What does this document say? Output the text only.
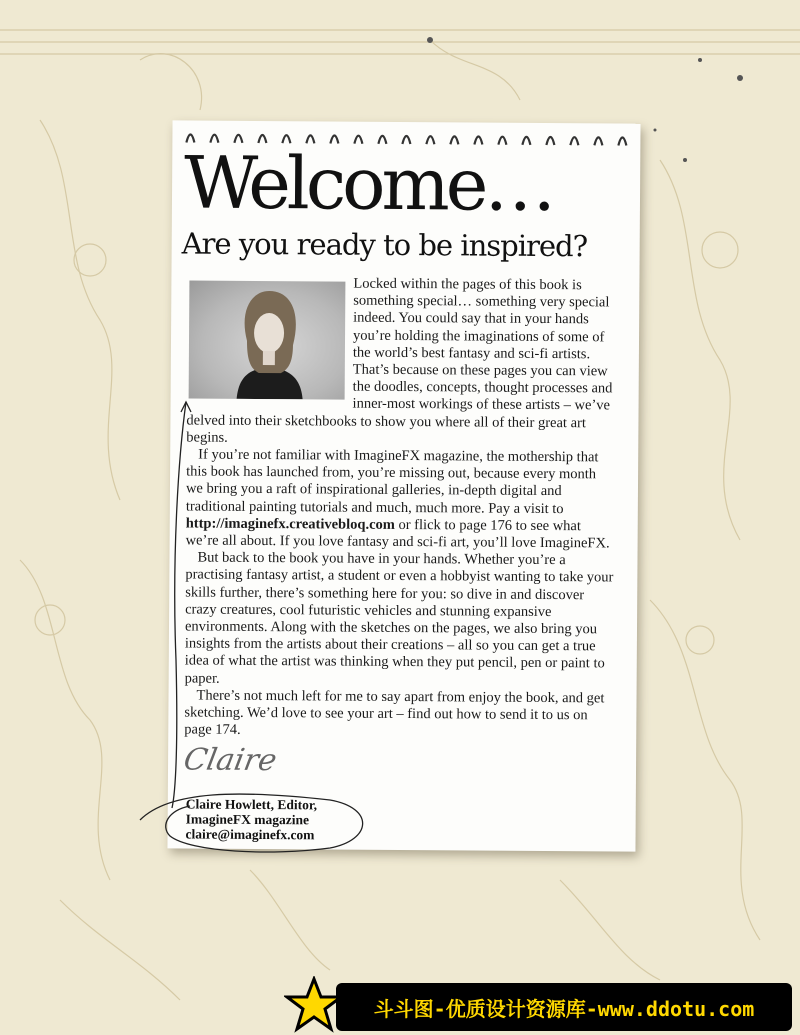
Welcome…
Are you ready to be inspired?

Locked within the pages of this book is something special… something very special indeed. You could say that in your hands you’re holding the imaginations of some of the world’s best fantasy and sci-fi artists. That’s because on these pages you can view the doodles, concepts, thought processes and inner-most workings of these artists – we’ve delved into their sketchbooks to show you where all of their great art begins.

If you’re not familiar with ImagineFX magazine, the mothership that this book has launched from, you’re missing out, because every month we bring you a raft of inspirational galleries, in-depth digital and traditional painting tutorials and much, much more. Pay a visit to http://imaginefx.creativebloq.com or flick to page 176 to see what we’re all about. If you love fantasy and sci-fi art, you’ll love ImagineFX.

But back to the book you have in your hands. Whether you’re a practising fantasy artist, a student or even a hobbyist wanting to take your skills further, there’s something here for you: so dive in and discover crazy creatures, cool futuristic vehicles and stunning expansive environments. Along with the sketches on the pages, we also bring you insights from the artists about their creations – all so you can get a true idea of what the artist was thinking when they put pencil, pen or paint to paper.

There’s not much left for me to say apart from enjoy the book, and get sketching. We’d love to see your art – find out how to send it to us on page 174.

Claire
Claire Howlett, Editor,
ImagineFX magazine
claire@imaginefx.com
斗斗图-优质设计资源库-www.ddotu.com
